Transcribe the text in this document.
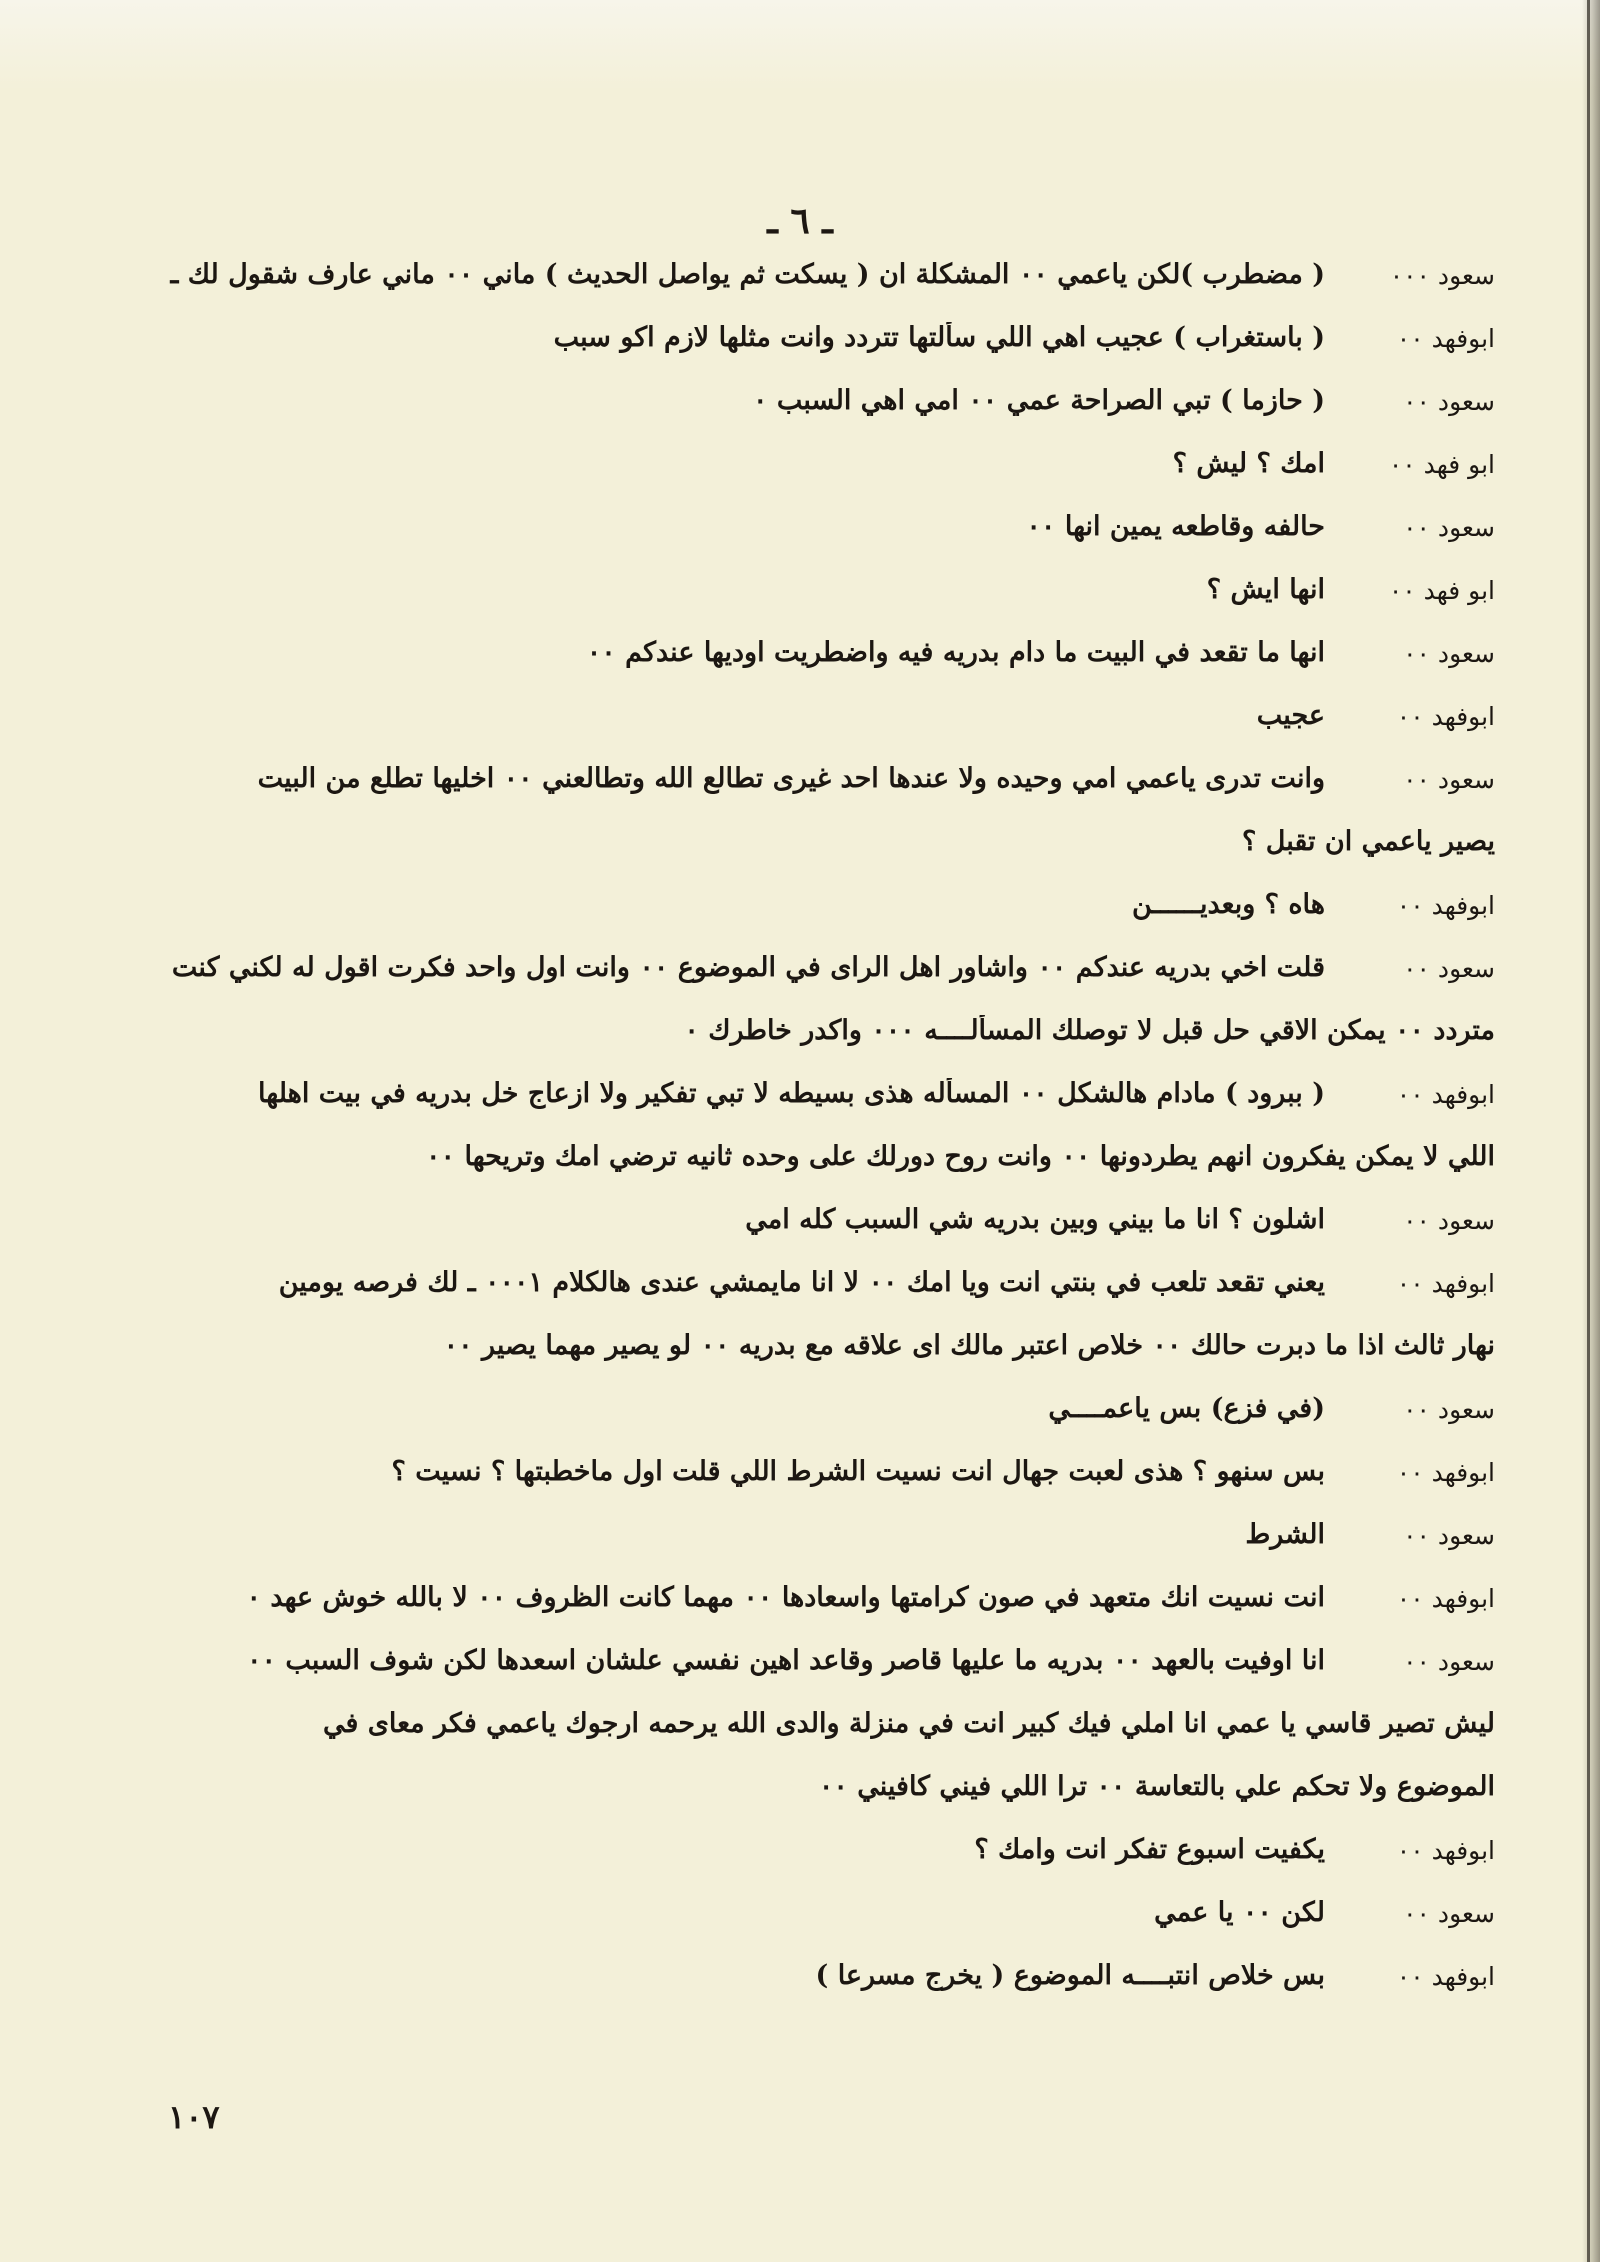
ـ ٦ ـ
سعود ٠٠٠
( مضطرب )لكن ياعمي ٠٠ المشكلة ان ( يسكت ثم يواصل الحديث ) ماني ٠٠ ماني عارف شقول لك ـ
ابوفهد ٠٠
( باستغراب ) عجيب اهي اللي سألتها تتردد وانت مثلها لازم اكو سبب
سعود ٠٠
( حازما ) تبي الصراحة عمي ٠٠ امي اهي السبب ٠
ابو فهد ٠٠
امك ؟ ليش ؟
سعود ٠٠
حالفه وقاطعه يمين انها ٠٠
ابو فهد ٠٠
انها ايش ؟
سعود ٠٠
انها ما تقعد في البيت ما دام بدريه فيه واضطريت اوديها عندكم ٠٠
ابوفهد ٠٠
عجيب
سعود ٠٠
وانت تدرى ياعمي امي وحيده ولا عندها احد غيرى تطالع الله وتطالعني ٠٠ اخليها تطلع من البيت
يصير ياعمي ان تقبل ؟
ابوفهد ٠٠
هاه ؟ وبعديــــــن
سعود ٠٠
قلت اخي بدريه عندكم ٠٠ واشاور اهل الراى في الموضوع ٠٠ وانت اول واحد فكرت اقول له لكني كنت
متردد ٠٠ يمكن الاقي حل قبل لا توصلك المسألــــه ٠٠٠ واكدر خاطرك ٠
ابوفهد ٠٠
( ببرود ) مادام هالشكل ٠٠ المسأله هذى بسيطه لا تبي تفكير ولا ازعاج خل بدريه في بيت اهلها
اللي لا يمكن يفكرون انهم يطردونها ٠٠ وانت روح دورلك على وحده ثانيه ترضي امك وتريحها ٠٠
سعود ٠٠
اشلون ؟ انا ما بيني وبين بدريه شي السبب كله امي
ابوفهد ٠٠
يعني تقعد تلعب في بنتي انت ويا امك ٠٠ لا انا مايمشي عندى هالكلام ٠٠٠١ ـ لك فرصه يومين
نهار ثالث اذا ما دبرت حالك ٠٠ خلاص اعتبر مالك اى علاقه مع بدريه ٠٠ لو يصير مهما يصير ٠٠
سعود ٠٠
(في فزع) بس ياعمــــي
ابوفهد ٠٠
بس سنهو ؟ هذى لعبت جهال انت نسيت الشرط اللي قلت اول ماخطبتها ؟ نسيت ؟
سعود ٠٠
الشرط
ابوفهد ٠٠
انت نسيت انك متعهد في صون كرامتها واسعادها ٠٠ مهما كانت الظروف ٠٠ لا بالله خوش عهد ٠
سعود ٠٠
انا اوفيت بالعهد ٠٠ بدريه ما عليها قاصر وقاعد اهين نفسي علشان اسعدها لكن شوف السبب ٠٠
ليش تصير قاسي يا عمي انا املي فيك كبير انت في منزلة والدى الله يرحمه ارجوك ياعمي فكر معاى في
الموضوع ولا تحكم علي بالتعاسة ٠٠ ترا اللي فيني كافيني ٠٠
ابوفهد ٠٠
يكفيت اسبوع تفكر انت وامك ؟
سعود ٠٠
لكن ٠٠ يا عمي
ابوفهد ٠٠
بس خلاص انتبــــه الموضوع ( يخرج مسرعا )
١٠٧
